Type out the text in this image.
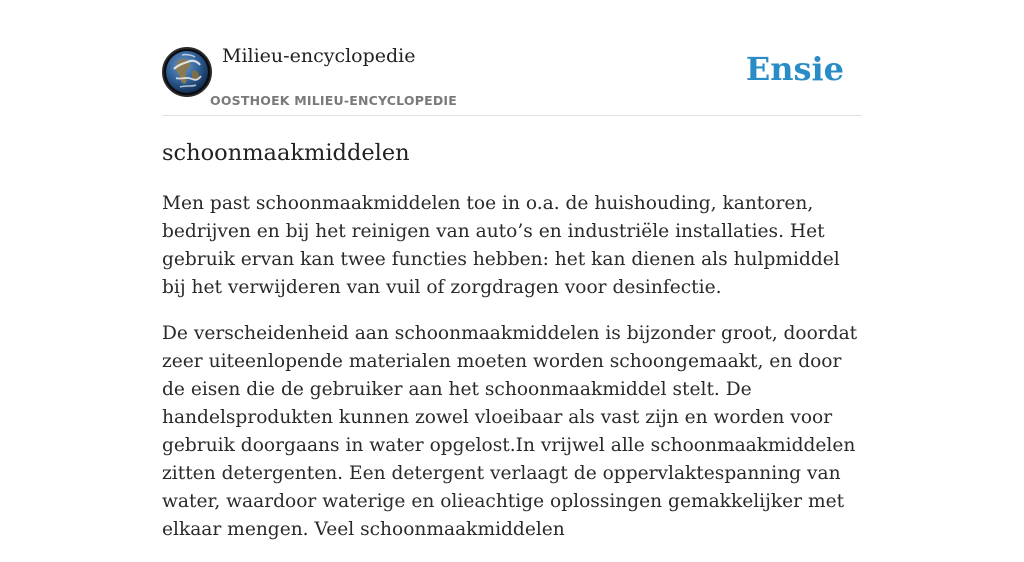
Milieu-encyclopedie
OOSTHOEK MILIEU-ENCYCLOPEDIE
Ensie
schoonmaakmiddelen

Men past schoonmaakmiddelen toe in o.a. de huishouding, kantoren, bedrijven en bij het reinigen van auto’s en industriële installaties. Het gebruik ervan kan twee functies hebben: het kan dienen als hulpmiddel bij het verwijderen van vuil of zorgdragen voor desinfectie.

De verscheidenheid aan schoonmaakmiddelen is bijzonder groot, doordat zeer uiteenlopende materialen moeten worden schoongemaakt, en door de eisen die de gebruiker aan het schoonmaakmiddel stelt. De handelsprodukten kunnen zowel vloeibaar als vast zijn en worden voor gebruik doorgaans in water opgelost.In vrijwel alle schoonmaakmiddelen zitten detergenten. Een detergent verlaagt de oppervlaktespanning van water, waardoor waterige en olieachtige oplossingen gemakkelijker met elkaar mengen. Veel schoonmaakmiddelen
